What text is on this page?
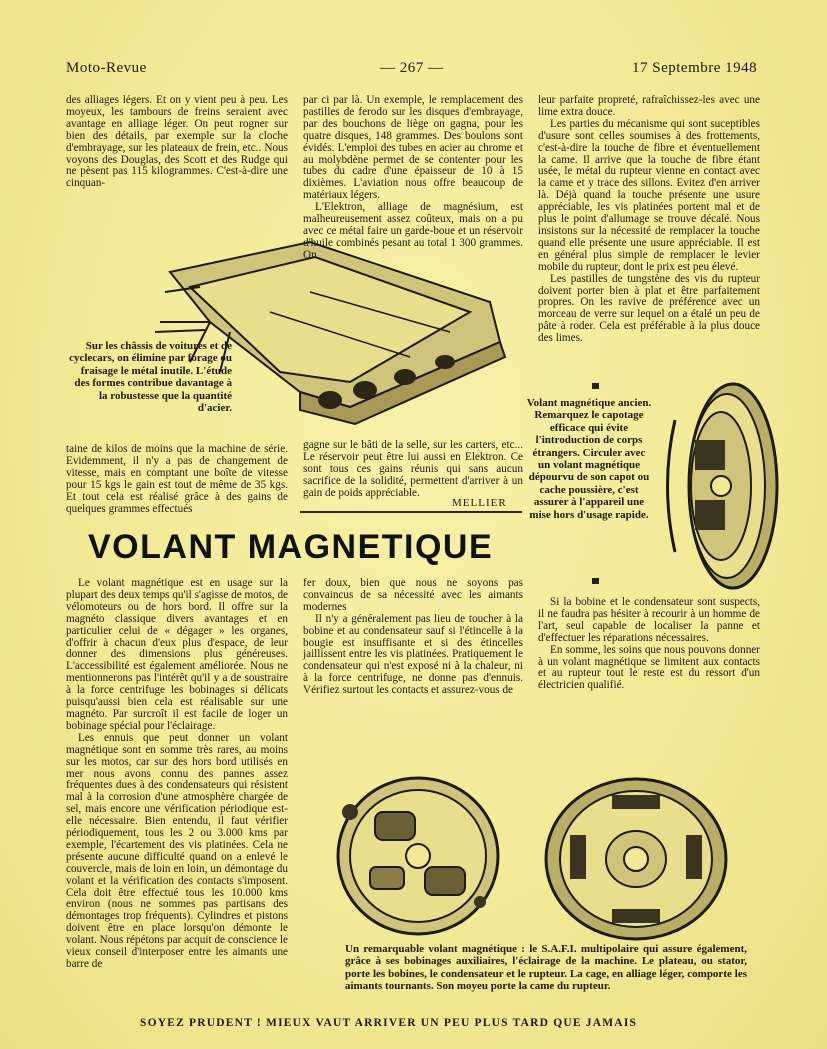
Moto-Revue	— 267 —	17 Septembre 1948

des alliages légers. Et on y vient peu à peu. Les moyeux, les tambours de freins seraient avec avantage en alliage léger. On peut rogner sur bien des détails, par exemple sur la cloche d'embrayage, sur les plateaux de frein, etc.. Nous voyons des Douglas, des Scott et des Rudge qui ne pèsent pas 115 kilogrammes. C'est-à-dire une cinquan-

Sur les châssis de voitures et de cyclecars, on élimine par forage ou fraisage le métal inutile. L'étude des formes contribue davantage à la robustesse que la quantité d'acier.

taine de kilos de moins que la machine de série. Evidemment, il n'y a pas de changement de vitesse, mais en comptant une boîte de vitesse pour 15 kgs le gain est tout de même de 35 kgs. Et tout cela est réalisé grâce à des gains de quelques grammes effectués

par ci par là. Un exemple, le remplacement des pastilles de ferodo sur les disques d'embrayage, par des bouchons de liège on gagna, pour les quatre disques, 148 grammes. Des boulons sont évidés. L'emploi des tubes en acier au chrome et au molybdène permet de se contenter pour les tubes du cadre d'une épaisseur de 10 à 15 dixièmes. L'aviation nous offre beaucoup de matériaux légers.

L'Elektron, alliage de magnésium, est malheureusement assez coûteux, mais on a pu avec ce métal faire un garde-boue et un réservoir d'huile combinés pesant au total 1 300 grammes. On

gagne sur le bâti de la selle, sur les carters, etc... Le réservoir peut être lui aussi en Elektron. Ce sont tous ces gains réunis qui sans aucun sacrifice de la solidité, permettent d'arriver à un gain de poids appréciable.

MELLIER

leur parfaite propreté, rafraîchissez-les avec une lime extra douce.

Les parties du mécanisme qui sont suceptibles d'usure sont celles soumises à des frottements, c'est-à-dire la touche de fibre et éventuellement la came. Il arrive que la touche de fibre étant usée, le métal du rupteur vienne en contact avec la came et y trace des sillons. Evitez d'en arriver là. Déjà quand la touche présente une usure appréciable, les vis platinées portent mal et de plus le point d'allumage se trouve décalé. Nous insistons sur la nécessité de remplacer la touche quand elle présente une usure appréciable. Il est en général plus simple de remplacer le levier mobile du rupteur, dont le prix est peu élevé.

Les pastilles de tungstène des vis du rupteur doivent porter bien à plat et être parfaitement propres. On les ravive de préférence avec un morceau de verre sur lequel on a étalé un peu de pâte à roder. Cela est préférable à la plus douce des limes.

Volant magnétique ancien. Remarquez le capotage efficace qui évite l'introduction de corps étrangers. Circuler avec un volant magnétique dépourvu de son capot ou cache poussière, c'est assurer à l'appareil une mise hors d'usage rapide.
VOLANT MAGNETIQUE

Le volant magnétique est en usage sur la plupart des deux temps qu'il s'agisse de motos, de vélomoteurs ou de hors bord. Il offre sur la magnéto classique divers avantages et en particulier celui de « dégager » les organes, d'offrir à chacun d'eux plus d'espace, de leur donner des dimensions plus généreuses. L'accessibilité est également améliorée. Nous ne mentionnerons pas l'intérêt qu'il y a de soustraire à la force centrifuge les bobinages si délicats puisqu'aussi bien cela est réalisable sur une magnéto. Par surcroît il est facile de loger un bobinage spécial pour l'éclairage.

Les ennuis que peut donner un volant magnétique sont en somme très rares, au moins sur les motos, car sur des hors bord utilisés en mer nous avons connu des pannes assez fréquentes dues à des condensateurs qui résistent mal à la corrosion d'une atmosphère chargée de sel, mais encore une vérification périodique est-elle nécessaire. Bien entendu, il faut vérifier périodiquement, tous les 2 ou 3.000 kms par exemple, l'écartement des vis platinées. Cela ne présente aucune difficulté quand on a enlevé le couvercle, mais de loin en loin, un démontage du volant et la vérification des contacts s'imposent. Cela doit être effectué tous les 10.000 kms environ (nous ne sommes pas partisans des démontages trop fréquents). Cylindres et pistons doivent être en place lorsqu'on démonte le volant. Nous répétons par acquit de conscience le vieux conseil d'interposer entre les aimants une barre de

fer doux, bien que nous ne soyons pas convaincus de sa nécessité avec les aimants modernes

Il n'y a généralement pas lieu de toucher à la bobine et au condensateur sauf si l'étincelle à la bougie est insuffisante et si des étincelles jaillissent entre les vis platinées. Pratiquement le condensateur qui n'est exposé ni à la chaleur, ni à la force centrifuge, ne donne pas d'ennuis. Vérifiez surtout les contacts et assurez-vous de

Si la bobine et le condensateur sont suspects, il ne faudra pas hésiter à recourir à un homme de l'art, seul capable de localiser la panne et d'effectuer les réparations nécessaires.

En somme, les soins que nous pouvons donner à un volant magnétique se limitent aux contacts et au rupteur tout le reste est du ressort d'un électricien qualifié.

Un remarquable volant magnétique : le S.A.F.I. multipolaire qui assure également, grâce à ses bobinages auxiliaires, l'éclairage de la machine. Le plateau, ou stator, porte les bobines, le condensateur et le rupteur. La cage, en alliage léger, comporte les aimants tournants. Son moyeu porte la came du rupteur.
SOYEZ PRUDENT ! MIEUX VAUT ARRIVER UN PEU PLUS TARD QUE JAMAIS
